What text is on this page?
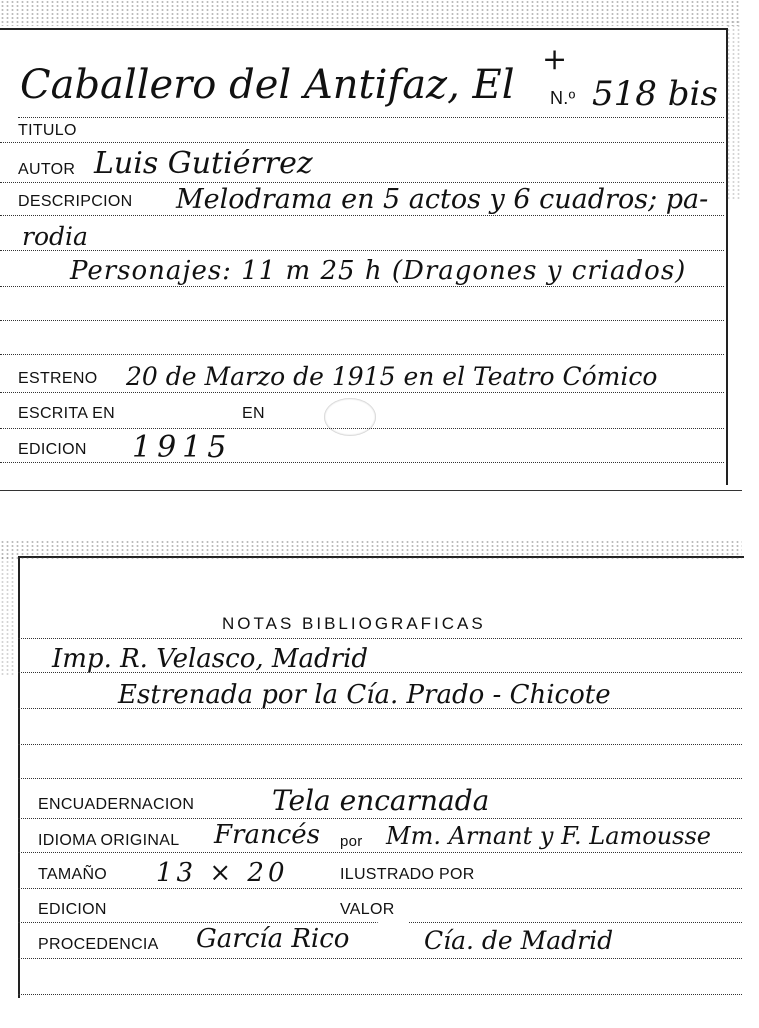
Caballero del Antifaz, El
+
N.º 518 bis
TITULO
AUTOR Luis Gutiérrez
DESCRIPCION Melodrama en 5 actos y 6 cuadros; pa-
rodia
Personajes: 11 m 25 h (Dragones y criados)
ESTRENO 20 de Marzo de 1915 en el Teatro Cómico
ESCRITA EN	EN
EDICION 1915
NOTAS BIBLIOGRAFICAS
Imp. R. Velasco, Madrid
Estrenada por la Cía. Prado - Chicote
ENCUADERNACION	Tela encarnada
IDIOMA ORIGINAL Francés por Mm. Arnant y F. Lamousse
TAMAÑO 13 × 20	ILUSTRADO POR
EDICION	VALOR
PROCEDENCIA García Rico	Cía. de Madrid
